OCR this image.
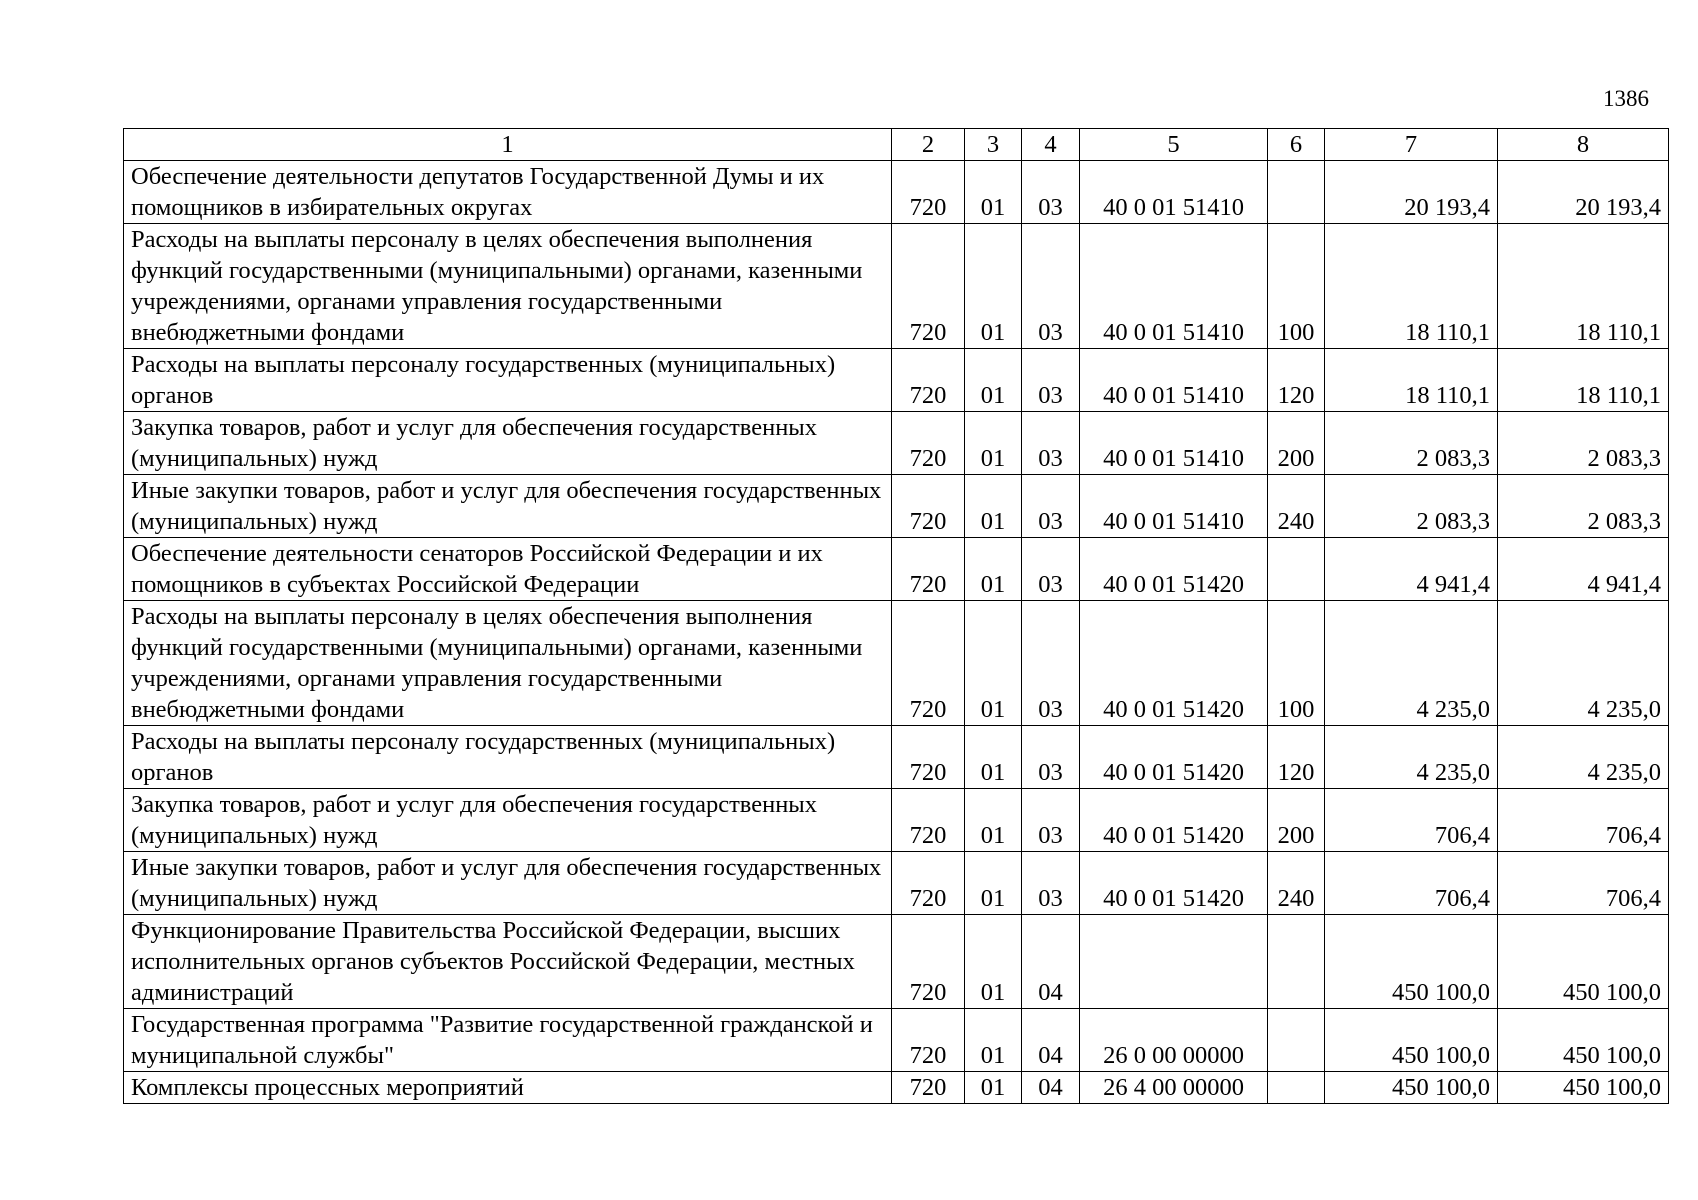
1386
1	2	3	4	5	6	7	8
Обеспечение деятельности депутатов Государственной Думы и их помощников в избирательных округах	720	01	03	40 0 01 51410		20 193,4	20 193,4
Расходы на выплаты персоналу в целях обеспечения выполнения функций государственными (муниципальными) органами, казенными учреждениями, органами управления государственными внебюджетными фондами	720	01	03	40 0 01 51410	100	18 110,1	18 110,1
Расходы на выплаты персоналу государственных (муниципальных) органов	720	01	03	40 0 01 51410	120	18 110,1	18 110,1
Закупка товаров, работ и услуг для обеспечения государственных (муниципальных) нужд	720	01	03	40 0 01 51410	200	2 083,3	2 083,3
Иные закупки товаров, работ и услуг для обеспечения государственных (муниципальных) нужд	720	01	03	40 0 01 51410	240	2 083,3	2 083,3
Обеспечение деятельности сенаторов Российской Федерации и их помощников в субъектах Российской Федерации	720	01	03	40 0 01 51420		4 941,4	4 941,4
Расходы на выплаты персоналу в целях обеспечения выполнения функций государственными (муниципальными) органами, казенными учреждениями, органами управления государственными внебюджетными фондами	720	01	03	40 0 01 51420	100	4 235,0	4 235,0
Расходы на выплаты персоналу государственных (муниципальных) органов	720	01	03	40 0 01 51420	120	4 235,0	4 235,0
Закупка товаров, работ и услуг для обеспечения государственных (муниципальных) нужд	720	01	03	40 0 01 51420	200	706,4	706,4
Иные закупки товаров, работ и услуг для обеспечения государственных (муниципальных) нужд	720	01	03	40 0 01 51420	240	706,4	706,4
Функционирование Правительства Российской Федерации, высших исполнительных органов субъектов Российской Федерации, местных администраций	720	01	04			450 100,0	450 100,0
Государственная программа "Развитие государственной гражданской и муниципальной службы"	720	01	04	26 0 00 00000		450 100,0	450 100,0
Комплексы процессных мероприятий	720	01	04	26 4 00 00000		450 100,0	450 100,0
